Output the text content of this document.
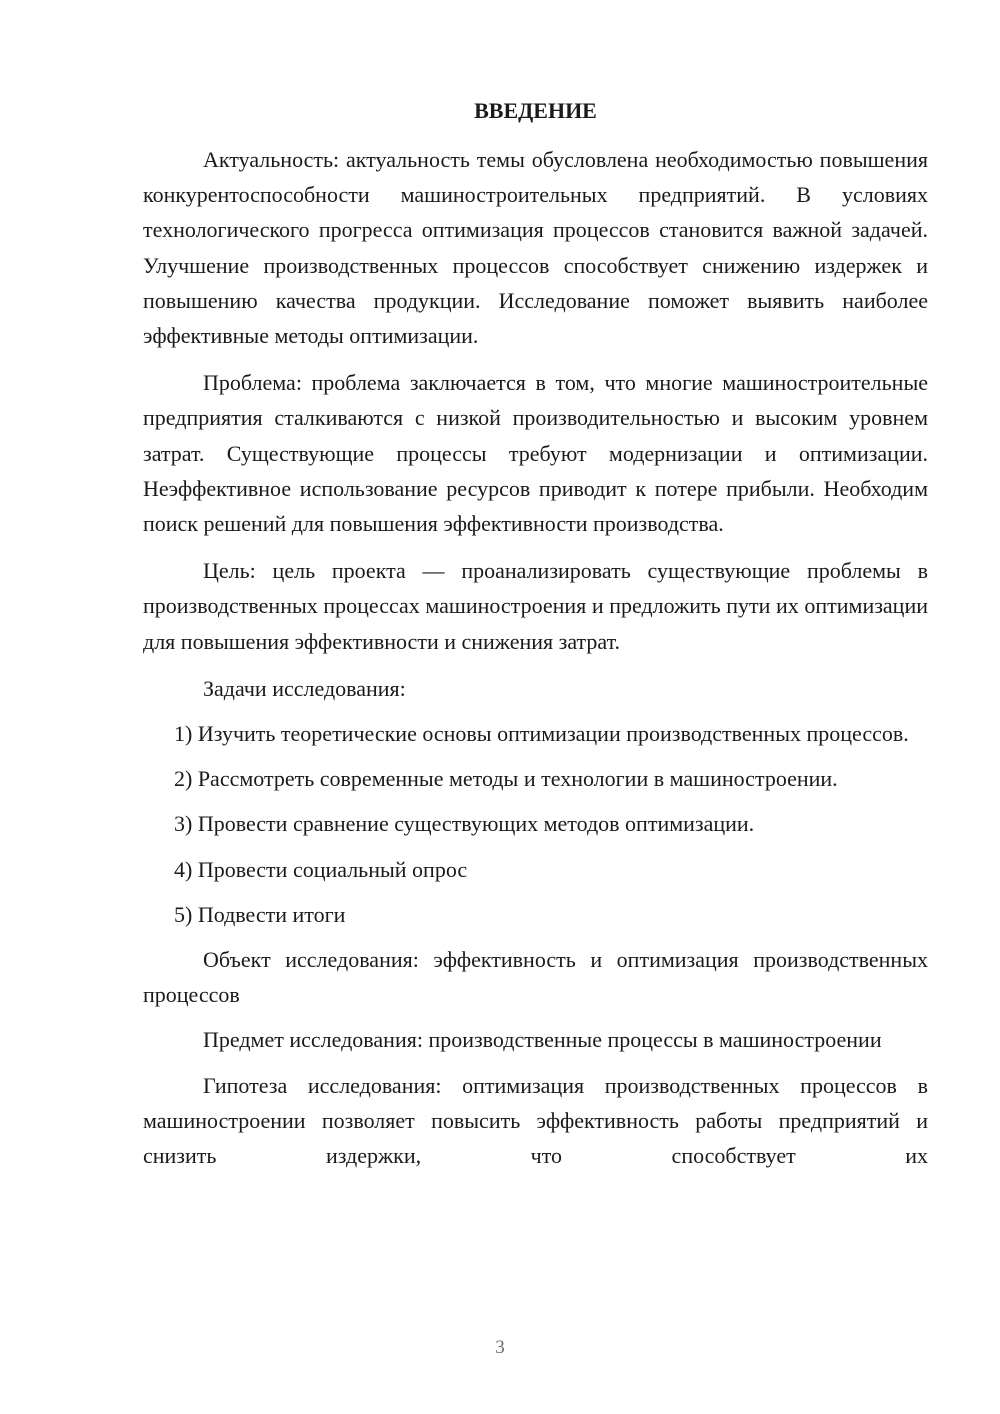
ВВЕДЕНИЕ

Актуальность: актуальность темы обусловлена необходимостью повышения конкурентоспособности машиностроительных предприятий. В условиях технологического прогресса оптимизация процессов становится важной задачей. Улучшение производственных процессов способствует снижению издержек и повышению качества продукции. Исследование поможет выявить наиболее эффективные методы оптимизации.

Проблема: проблема заключается в том, что многие машиностроительные предприятия сталкиваются с низкой производительностью и высоким уровнем затрат. Существующие процессы требуют модернизации и оптимизации. Неэффективное использование ресурсов приводит к потере прибыли. Необходим поиск решений для повышения эффективности производства.

Цель: цель проекта — проанализировать существующие проблемы в производственных процессах машиностроения и предложить пути их оптимизации для повышения эффективности и снижения затрат.

Задачи исследования:

1) Изучить теоретические основы оптимизации производственных процессов.

2) Рассмотреть современные методы и технологии в машиностроении.

3) Провести сравнение существующих методов оптимизации.

4) Провести социальный опрос

5) Подвести итоги

Объект исследования: эффективность и оптимизация производственных процессов

Предмет исследования: производственные процессы в машиностроении

Гипотеза исследования: оптимизация производственных процессов в машиностроении позволяет повысить эффективность работы предприятий и снизить издержки, что способствует их

3
